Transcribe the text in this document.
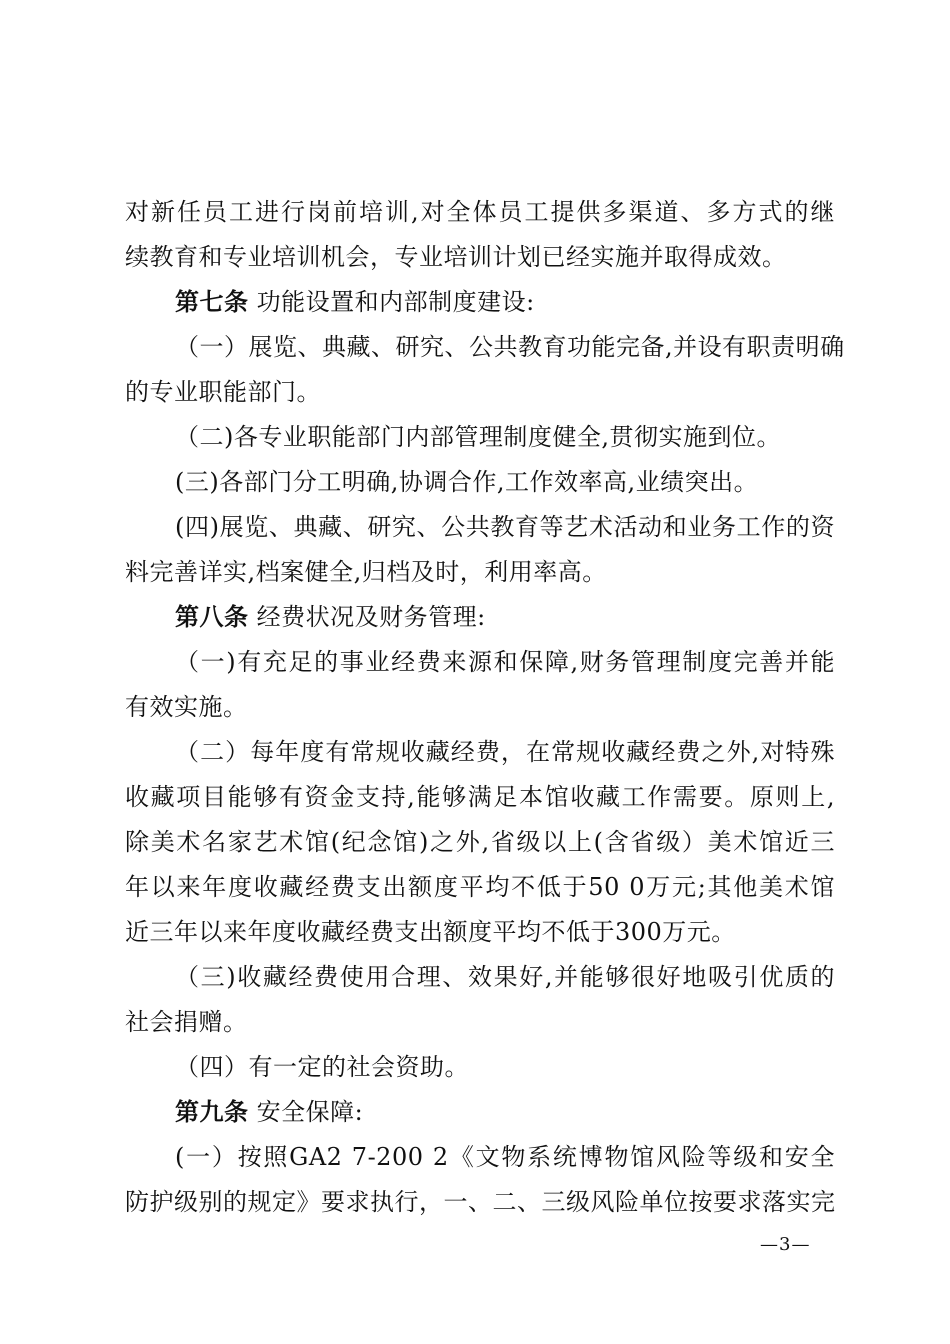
对新任员工进行岗前培训,对全体员工提供多渠道、多方式的继
续教育和专业培训机会，专业培训计划已经实施并取得成效。
第七条 功能设置和内部制度建设:
（一）展览、典藏、研究、公共教育功能完备,并设有职责明确
的专业职能部门。
（二)各专业职能部门内部管理制度健全,贯彻实施到位。
(三)各部门分工明确,协调合作,工作效率高,业绩突出。
(四)展览、典藏、研究、公共教育等艺术活动和业务工作的资
料完善详实,档案健全,归档及时，利用率高。
第八条 经费状况及财务管理:
（一)有充足的事业经费来源和保障,财务管理制度完善并能
有效实施。
（二）每年度有常规收藏经费，在常规收藏经费之外,对特殊
收藏项目能够有资金支持,能够满足本馆收藏工作需要。原则上,
除美术名家艺术馆(纪念馆)之外,省级以上(含省级）美术馆近三
年以来年度收藏经费支出额度平均不低于50 0万元;其他美术馆
近三年以来年度收藏经费支出额度平均不低于300万元。
（三)收藏经费使用合理、效果好,并能够很好地吸引优质的
社会捐赠。
（四）有一定的社会资助。
第九条 安全保障:
(一）按照GA2 7-200 2《文物系统博物馆风险等级和安全
防护级别的规定》要求执行，一、二、三级风险单位按要求落实完
—3—
